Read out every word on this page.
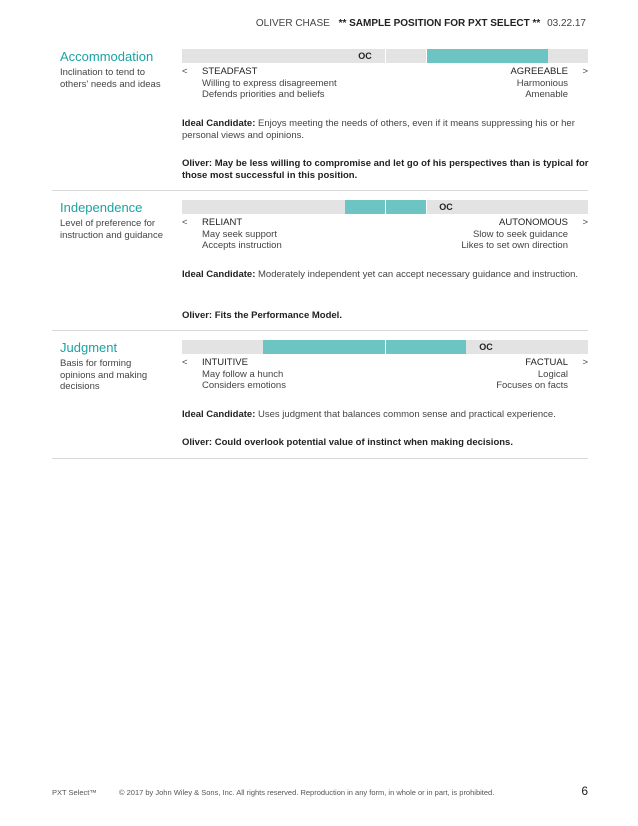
OLIVER CHASE ** SAMPLE POSITION FOR PXT SELECT ** 03.22.17
Accommodation
Inclination to tend to others' needs and ideas
OC
< STEADFAST
Willing to express disagreement
Defends priorities and beliefs
AGREEABLE
Harmonious
Amenable
>
Ideal Candidate: Enjoys meeting the needs of others, even if it means suppressing his or her personal views and opinions.
Oliver: May be less willing to compromise and let go of his perspectives than is typical for those most successful in this position.
Independence
Level of preference for instruction and guidance
OC
< RELIANT
May seek support
Accepts instruction
AUTONOMOUS
Slow to seek guidance
Likes to set own direction
>
Ideal Candidate: Moderately independent yet can accept necessary guidance and instruction.
Oliver: Fits the Performance Model.
Judgment
Basis for forming opinions and making decisions
OC
< INTUITIVE
May follow a hunch
Considers emotions
FACTUAL
Logical
Focuses on facts
>
Ideal Candidate: Uses judgment that balances common sense and practical experience.
Oliver: Could overlook potential value of instinct when making decisions.
PXT Select™	© 2017 by John Wiley & Sons, Inc. All rights reserved. Reproduction in any form, in whole or in part, is prohibited.	6
